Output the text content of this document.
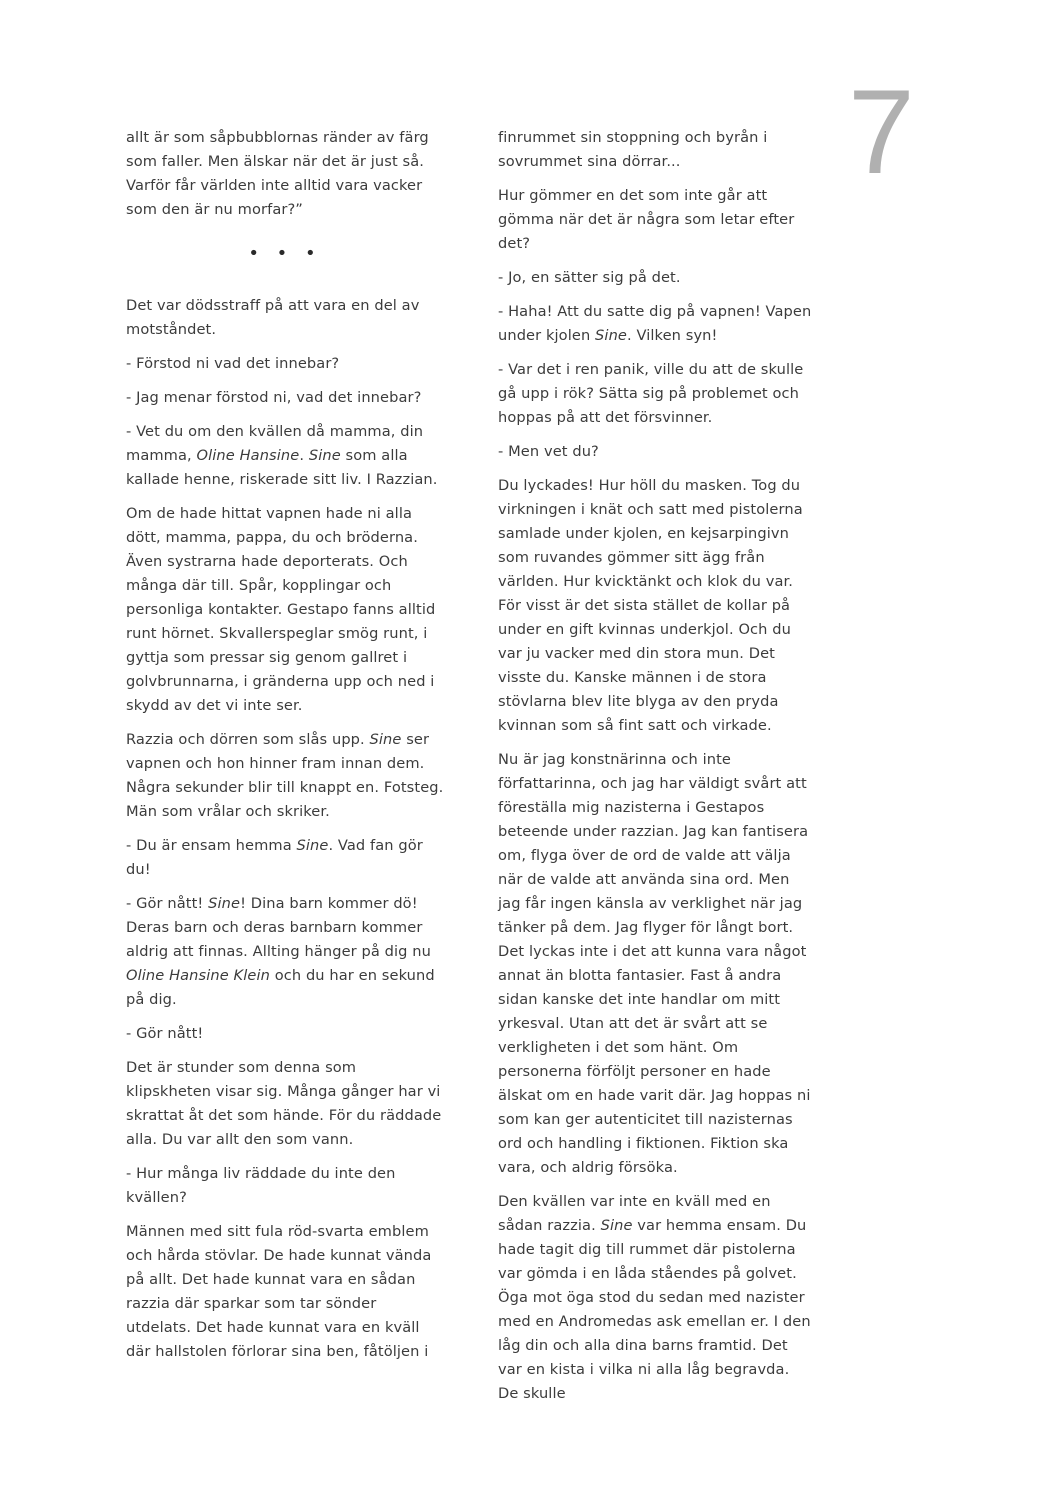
7

allt är som såpbubblornas ränder av färg som faller. Men älskar när det är just så. Varför får världen inte alltid vara vacker som den är nu morfar?”

• • •

Det var dödsstraff på att vara en del av motståndet.

- Förstod ni vad det innebar?

- Jag menar förstod ni, vad det innebar?

- Vet du om den kvällen då mamma, din mamma, Oline Hansine. Sine som alla kallade henne, riskerade sitt liv. I Razzian.

Om de hade hittat vapnen hade ni alla dött, mamma, pappa, du och bröderna. Även systrarna hade deporterats. Och många där till. Spår, kopplingar och personliga kontakter. Gestapo fanns alltid runt hörnet. Skvallerspeglar smög runt, i gyttja som pressar sig genom gallret i golvbrunnarna, i gränderna upp och ned i skydd av det vi inte ser.

Razzia och dörren som slås upp. Sine ser vapnen och hon hinner fram innan dem. Några sekunder blir till knappt en. Fotsteg. Män som vrålar och skriker.

- Du är ensam hemma Sine. Vad fan gör du!

- Gör nått! Sine! Dina barn kommer dö! Deras barn och deras barnbarn kommer aldrig att finnas. Allting hänger på dig nu Oline Hansine Klein och du har en sekund på dig.

- Gör nått!

Det är stunder som denna som klipskheten visar sig. Många gånger har vi skrattat åt det som hände. För du räddade alla. Du var allt den som vann.

- Hur många liv räddade du inte den kvällen?

Männen med sitt fula röd-svarta emblem och hårda stövlar. De hade kunnat vända på allt. Det hade kunnat vara en sådan razzia där sparkar som tar sönder utdelats. Det hade kunnat vara en kväll där hallstolen förlorar sina ben, fåtöljen i

finrummet sin stoppning och byrån i sovrummet sina dörrar...

Hur gömmer en det som inte går att gömma när det är några som letar efter det?

- Jo, en sätter sig på det.

- Haha! Att du satte dig på vapnen! Vapen under kjolen Sine. Vilken syn!

- Var det i ren panik, ville du att de skulle gå upp i rök? Sätta sig på problemet och hoppas på att det försvinner.

- Men vet du?

Du lyckades! Hur höll du masken. Tog du virkningen i knät och satt med pistolerna samlade under kjolen, en kejsarpingivn som ruvandes gömmer sitt ägg från världen. Hur kvicktänkt och klok du var. För visst är det sista stället de kollar på under en gift kvinnas underkjol. Och du var ju vacker med din stora mun. Det visste du. Kanske männen i de stora stövlarna blev lite blyga av den pryda kvinnan som så fint satt och virkade.

Nu är jag konstnärinna och inte författarinna, och jag har väldigt svårt att föreställa mig nazisterna i Gestapos beteende under razzian. Jag kan fantisera om, flyga över de ord de valde att välja när de valde att använda sina ord. Men jag får ingen känsla av verklighet när jag tänker på dem. Jag flyger för långt bort. Det lyckas inte i det att kunna vara något annat än blotta fantasier. Fast å andra sidan kanske det inte handlar om mitt yrkesval. Utan att det är svårt att se verkligheten i det som hänt. Om personerna förföljt personer en hade älskat om en hade varit där. Jag hoppas ni som kan ger autenticitet till nazisternas ord och handling i fiktionen. Fiktion ska vara, och aldrig försöka.

Den kvällen var inte en kväll med en sådan razzia. Sine var hemma ensam. Du hade tagit dig till rummet där pistolerna var gömda i en låda ståendes på golvet. Öga mot öga stod du sedan med nazister med en Andromedas ask emellan er. I den låg din och alla dina barns framtid. Det var en kista i vilka ni alla låg begravda. De skulle
